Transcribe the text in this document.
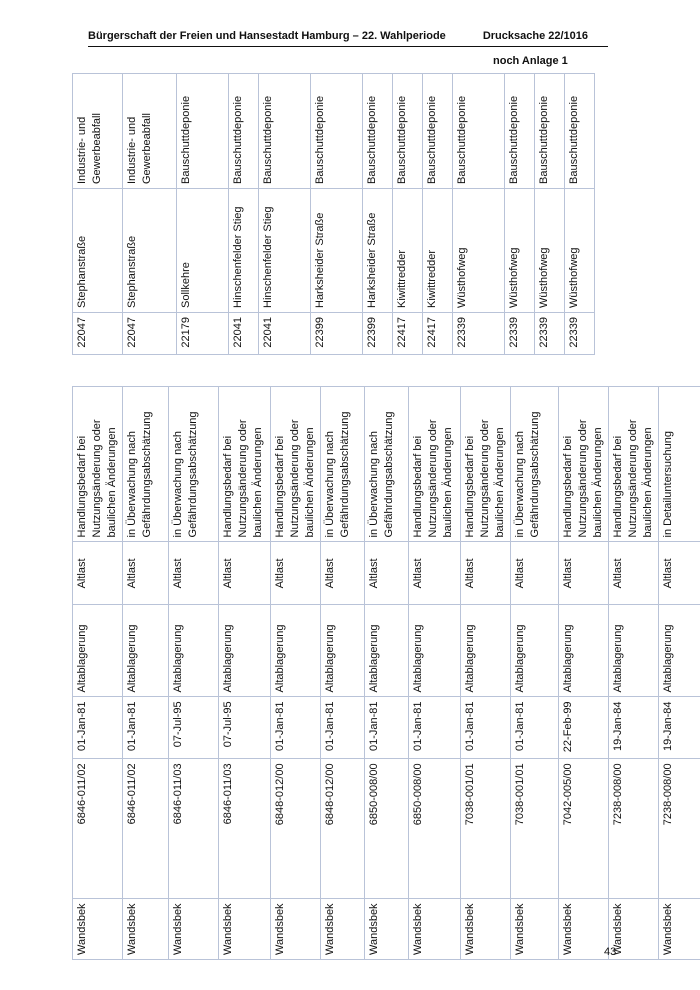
Bürgerschaft der Freien und Hansestadt Hamburg – 22. Wahlperiode	Drucksache 22/1016
noch Anlage 1
22047	Stephanstraße	Industrie- und Gewerbeabfall
22047	Stephanstraße	Industrie- und Gewerbeabfall
22179	Sollkehre	Bauschuttdeponie
22041	Hinschenfelder Stieg	Bauschuttdeponie
22041	Hinschenfelder Stieg	Bauschuttdeponie
22399	Harksheider Straße	Bauschuttdeponie
22399	Harksheider Straße	Bauschuttdeponie
22417	Kiwittredder	Bauschuttdeponie
22417	Kiwittredder	Bauschuttdeponie
22339	Wüsthofweg	Bauschuttdeponie
22339	Wüsthofweg	Bauschuttdeponie
22339	Wüsthofweg	Bauschuttdeponie
22339	Wüsthofweg	Bauschuttdeponie
Wandsbek	6846-011/02	01-Jan-81	Altablagerung	Altlast	Handlungsbedarf bei Nutzungsänderung oder baulichen Änderungen
Wandsbek	6846-011/02	01-Jan-81	Altablagerung	Altlast	in Überwachung nach Gefährdungsabschätzung
Wandsbek	6846-011/03	07-Jul-95	Altablagerung	Altlast	in Überwachung nach Gefährdungsabschätzung
Wandsbek	6846-011/03	07-Jul-95	Altablagerung	Altlast	Handlungsbedarf bei Nutzungsänderung oder baulichen Änderungen
Wandsbek	6848-012/00	01-Jan-81	Altablagerung	Altlast	Handlungsbedarf bei Nutzungsänderung oder baulichen Änderungen
Wandsbek	6848-012/00	01-Jan-81	Altablagerung	Altlast	in Überwachung nach Gefährdungsabschätzung
Wandsbek	6850-008/00	01-Jan-81	Altablagerung	Altlast	in Überwachung nach Gefährdungsabschätzung
Wandsbek	6850-008/00	01-Jan-81	Altablagerung	Altlast	Handlungsbedarf bei Nutzungsänderung oder baulichen Änderungen
Wandsbek	7038-001/01	01-Jan-81	Altablagerung	Altlast	Handlungsbedarf bei Nutzungsänderung oder baulichen Änderungen
Wandsbek	7038-001/01	01-Jan-81	Altablagerung	Altlast	in Überwachung nach Gefährdungsabschätzung
Wandsbek	7042-005/00	22-Feb-99	Altablagerung	Altlast	Handlungsbedarf bei Nutzungsänderung oder baulichen Änderungen
Wandsbek	7238-008/00	19-Jan-84	Altablagerung	Altlast	Handlungsbedarf bei Nutzungsänderung oder baulichen Änderungen
Wandsbek	7238-008/00	19-Jan-84	Altablagerung	Altlast	in Detailuntersuchung
43
